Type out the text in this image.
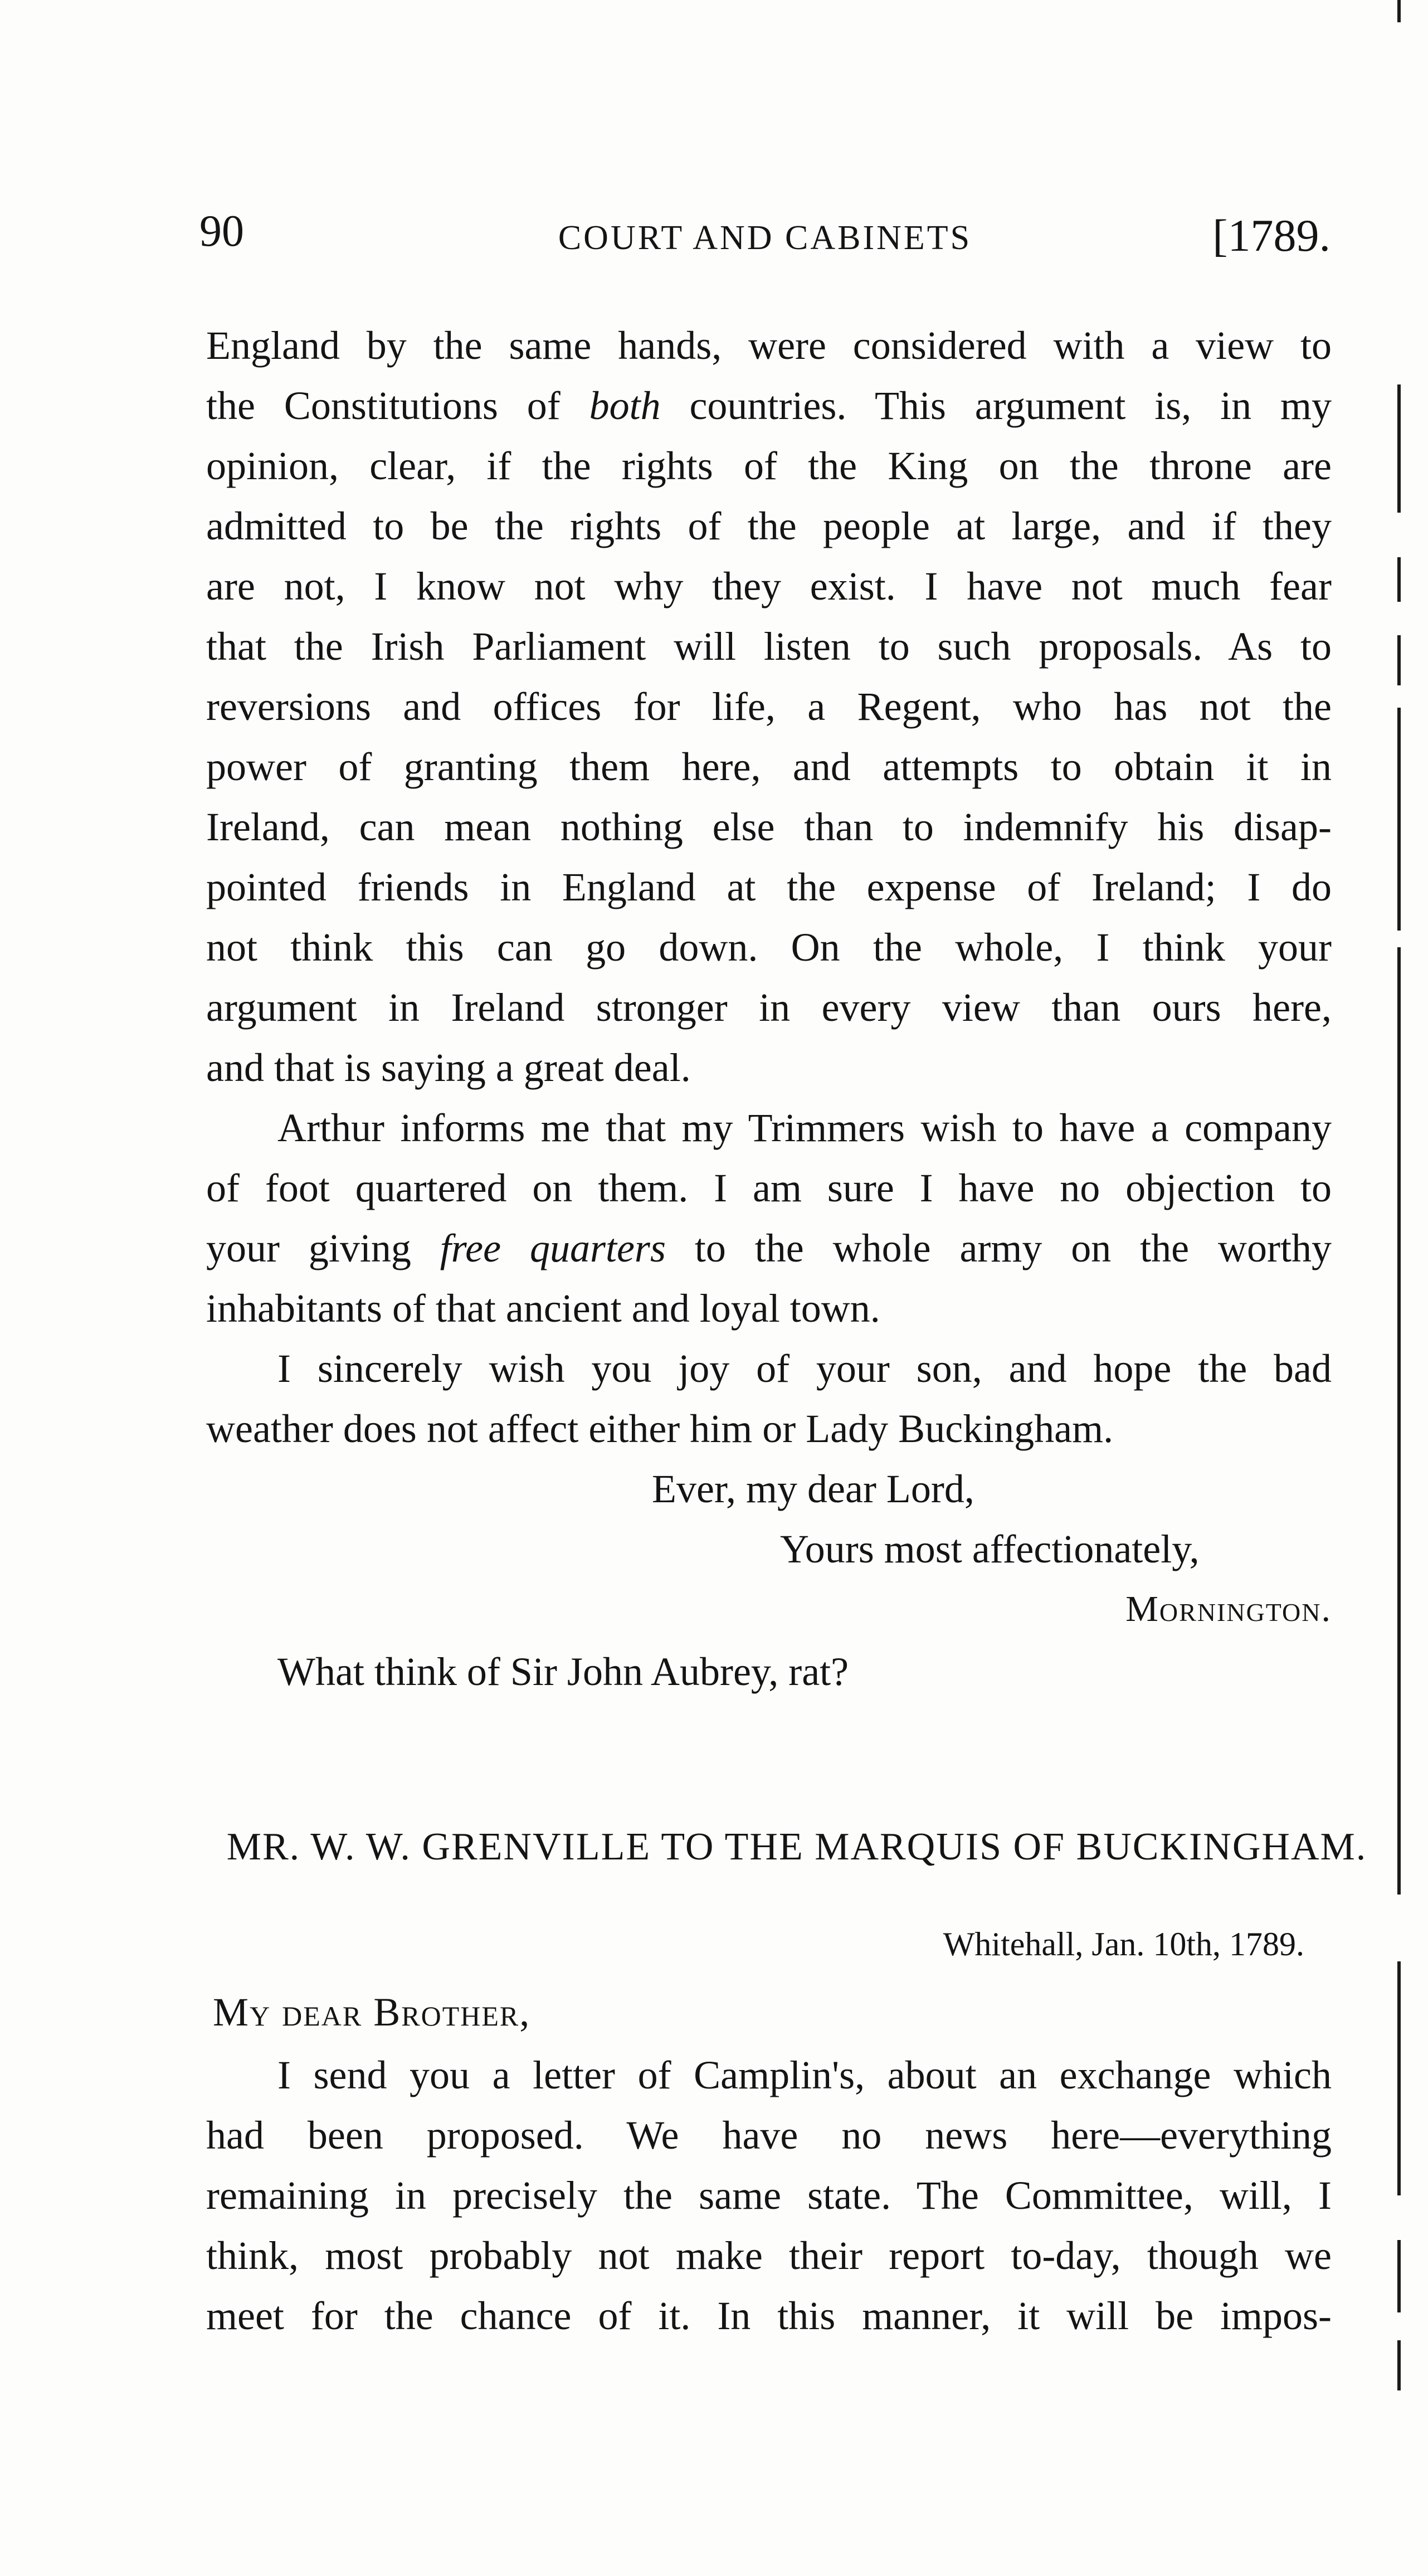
90	COURT AND CABINETS	[1789.
England by the same hands, were considered with a view to
the Constitutions of both countries. This argument is, in my
opinion, clear, if the rights of the King on the throne are
admitted to be the rights of the people at large, and if they
are not, I know not why they exist. I have not much fear
that the Irish Parliament will listen to such proposals. As to
reversions and offices for life, a Regent, who has not the
power of granting them here, and attempts to obtain it in
Ireland, can mean nothing else than to indemnify his disap-
pointed friends in England at the expense of Ireland; I do
not think this can go down. On the whole, I think your
argument in Ireland stronger in every view than ours here,
and that is saying a great deal.
Arthur informs me that my Trimmers wish to have a company
of foot quartered on them. I am sure I have no objection to
your giving free quarters to the whole army on the worthy
inhabitants of that ancient and loyal town.
I sincerely wish you joy of your son, and hope the bad
weather does not affect either him or Lady Buckingham.
Ever, my dear Lord,
Yours most affectionately,
Mornington.
What think of Sir John Aubrey, rat?
MR. W. W. GRENVILLE TO THE MARQUIS OF BUCKINGHAM.
Whitehall, Jan. 10th, 1789.
My dear Brother,
I send you a letter of Camplin's, about an exchange which
had been proposed. We have no news here—everything
remaining in precisely the same state. The Committee, will, I
think, most probably not make their report to-day, though we
meet for the chance of it. In this manner, it will be impos-
